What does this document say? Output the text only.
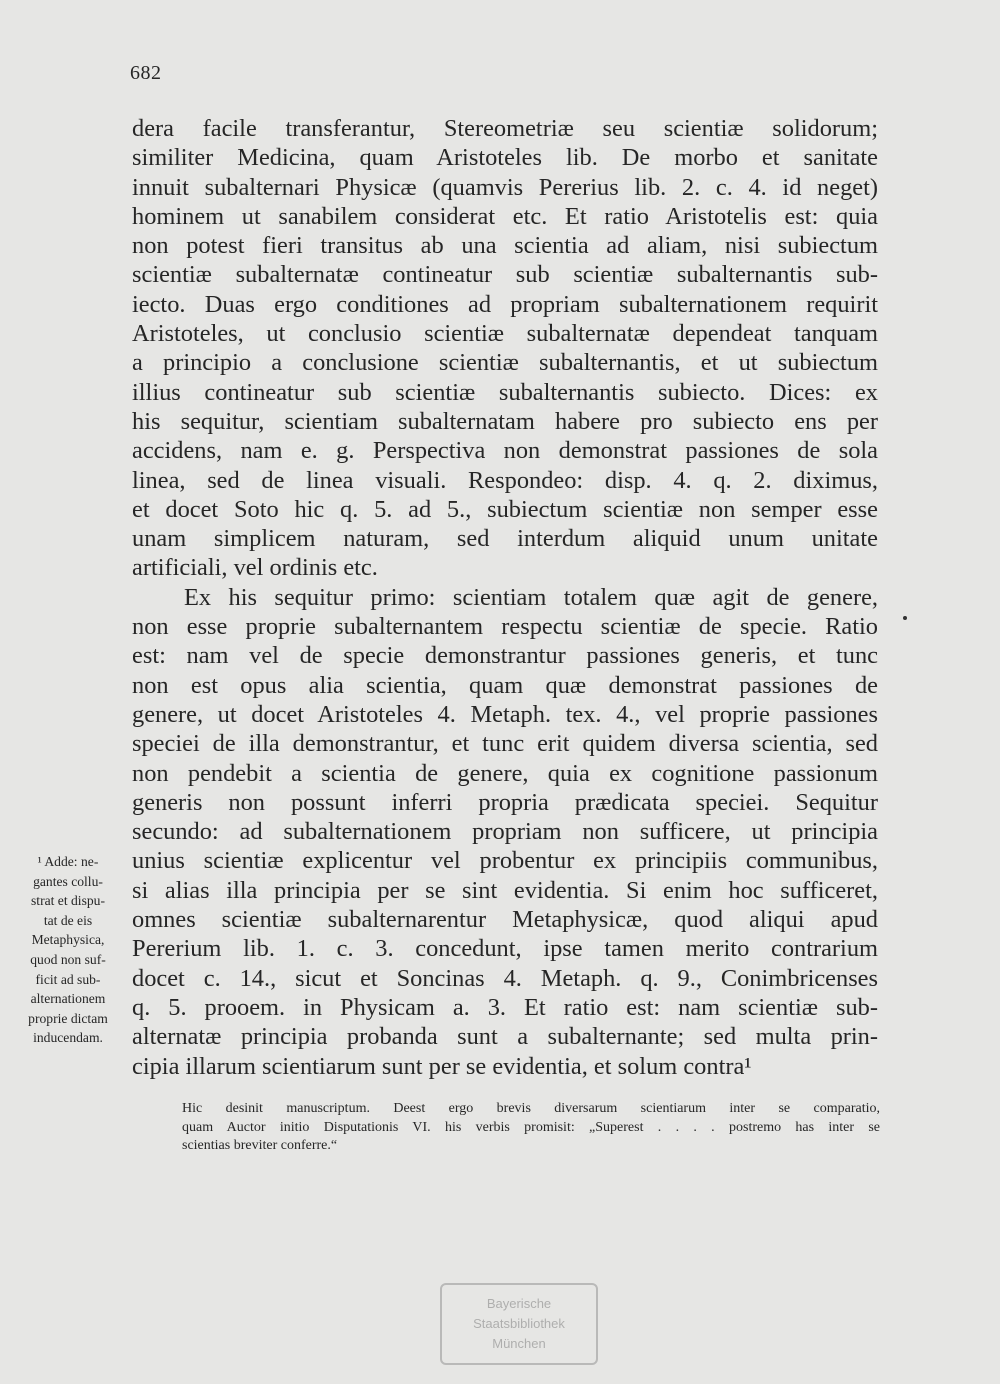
682
dera facile transferantur, Stereometriæ seu scientiæ solidorum;
similiter Medicina, quam Aristoteles lib. De morbo et sanitate
innuit subalternari Physicæ (quamvis Pererius lib. 2. c. 4. id neget)
hominem ut sanabilem considerat etc. Et ratio Aristotelis est: quia
non potest fieri transitus ab una scientia ad aliam, nisi subiectum
scientiæ subalternatæ contineatur sub scientiæ subalternantis sub-
iecto. Duas ergo conditiones ad propriam subalternationem requirit
Aristoteles, ut conclusio scientiæ subalternatæ dependeat tanquam
a principio a conclusione scientiæ subalternantis, et ut subiectum
illius contineatur sub scientiæ subalternantis subiecto. Dices: ex
his sequitur, scientiam subalternatam habere pro subiecto ens per
accidens, nam e. g. Perspectiva non demonstrat passiones de sola
linea, sed de linea visuali. Respondeo: disp. 4. q. 2. diximus,
et docet Soto hic q. 5. ad 5., subiectum scientiæ non semper esse
unam simplicem naturam, sed interdum aliquid unum unitate
artificiali, vel ordinis etc.
Ex his sequitur primo: scientiam totalem quæ agit de genere,
non esse proprie subalternantem respectu scientiæ de specie. Ratio
est: nam vel de specie demonstrantur passiones generis, et tunc
non est opus alia scientia, quam quæ demonstrat passiones de
genere, ut docet Aristoteles 4. Metaph. tex. 4., vel proprie passiones
speciei de illa demonstrantur, et tunc erit quidem diversa scientia, sed
non pendebit a scientia de genere, quia ex cognitione passionum
generis non possunt inferri propria prædicata speciei. Sequitur
secundo: ad subalternationem propriam non sufficere, ut principia
unius scientiæ explicentur vel probentur ex principiis communibus,
si alias illa principia per se sint evidentia. Si enim hoc sufficeret,
omnes scientiæ subalternarentur Metaphysicæ, quod aliqui apud
Pererium lib. 1. c. 3. concedunt, ipse tamen merito contrarium
docet c. 14., sicut et Soncinas 4. Metaph. q. 9., Conimbricenses
q. 5. prooem. in Physicam a. 3. Et ratio est: nam scientiæ sub-
alternatæ principia probanda sunt a subalternante; sed multa prin-
cipia illarum scientiarum sunt per se evidentia, et solum contra¹
¹ Adde: ne-
gantes collu-
strat et dispu-
tat de eis
Metaphysica,
quod non suf-
ficit ad sub-
alternationem
proprie dictam
inducendam.
Hic desinit manuscriptum. Deest ergo brevis diversarum scientiarum inter se comparatio,
quam Auctor initio Disputationis VI. his verbis promisit: „Superest . . . . postremo has inter se
scientias breviter conferre.“
Bayerische
Staatsbibliothek
München
